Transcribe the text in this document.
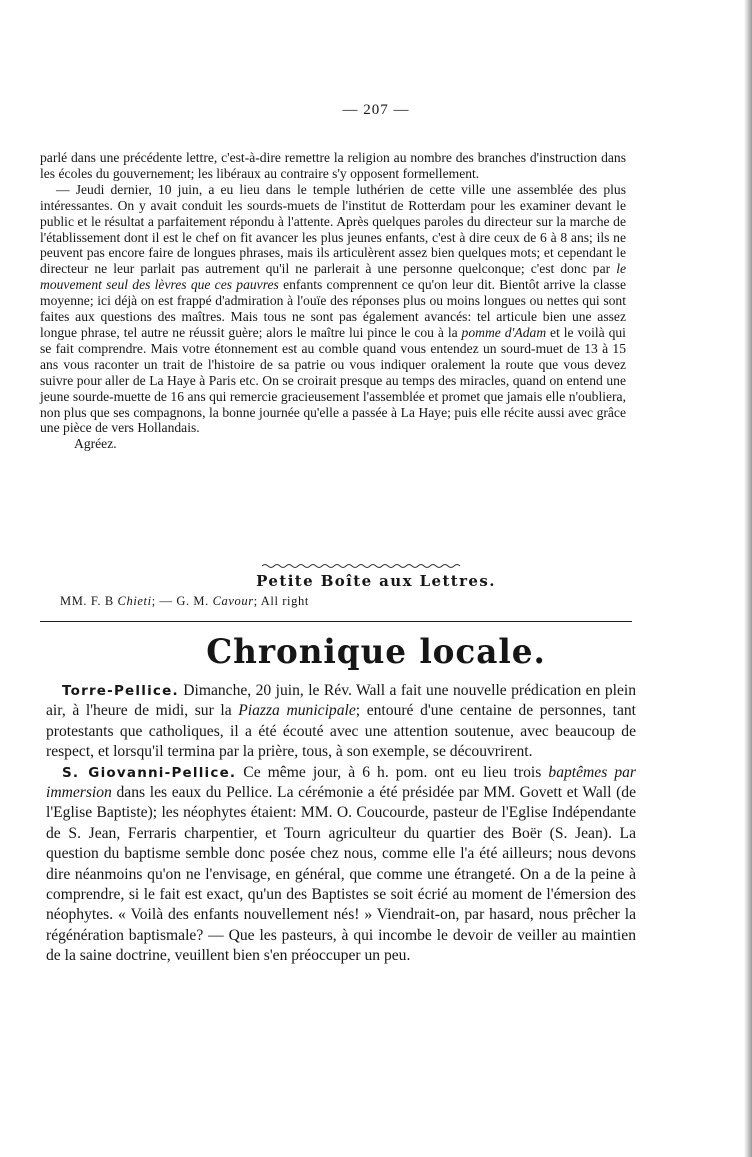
— 207 —

parlé dans une précédente lettre, c'est-à-dire remettre la religion au nombre des branches d'instruction dans les écoles du gouvernement; les libéraux au contraire s'y opposent formellement.

— Jeudi dernier, 10 juin, a eu lieu dans le temple luthérien de cette ville une assemblée des plus intéressantes. On y avait conduit les sourds-muets de l'institut de Rotterdam pour les examiner devant le public et le résultat a parfaitement répondu à l'attente. Après quelques paroles du directeur sur la marche de l'établissement dont il est le chef on fit avancer les plus jeunes enfants, c'est à dire ceux de 6 à 8 ans; ils ne peuvent pas encore faire de longues phrases, mais ils articulèrent assez bien quelques mots; et cependant le directeur ne leur parlait pas autrement qu'il ne parlerait à une personne quelconque; c'est donc par le mouvement seul des lèvres que ces pauvres enfants comprennent ce qu'on leur dit. Bientôt arrive la classe moyenne; ici déjà on est frappé d'admiration à l'ouïe des réponses plus ou moins longues ou nettes qui sont faites aux questions des maîtres. Mais tous ne sont pas également avancés: tel articule bien une assez longue phrase, tel autre ne réussit guère; alors le maître lui pince le cou à la pomme d'Adam et le voilà qui se fait comprendre. Mais votre étonnement est au comble quand vous entendez un sourd-muet de 13 à 15 ans vous raconter un trait de l'histoire de sa patrie ou vous indiquer oralement la route que vous devez suivre pour aller de La Haye à Paris etc. On se croirait presque au temps des miracles, quand on entend une jeune sourde-muette de 16 ans qui remercie gracieusement l'assemblée et promet que jamais elle n'oubliera, non plus que ses compagnons, la bonne journée qu'elle a passée à La Haye; puis elle récite aussi avec grâce une pièce de vers Hollandais.

Agréez.

Petite Boîte aux Lettres.
MM. F. B Chieti; — G. M. Cavour; All right
Chronique locale.

Torre-Pellice. Dimanche, 20 juin, le Rév. Wall a fait une nouvelle prédication en plein air, à l'heure de midi, sur la Piazza municipale; entouré d'une centaine de personnes, tant protestants que catholiques, il a été écouté avec une attention soutenue, avec beaucoup de respect, et lorsqu'il termina par la prière, tous, à son exemple, se découvrirent.

S. Giovanni-Pellice. Ce même jour, à 6 h. pom. ont eu lieu trois baptêmes par immersion dans les eaux du Pellice. La cérémonie a été présidée par MM. Govett et Wall (de l'Eglise Baptiste); les néophytes étaient: MM. O. Coucourde, pasteur de l'Eglise Indépendante de S. Jean, Ferraris charpentier, et Tourn agriculteur du quartier des Boër (S. Jean). La question du baptisme semble donc posée chez nous, comme elle l'a été ailleurs; nous devons dire néanmoins qu'on ne l'envisage, en général, que comme une étrangeté. On a de la peine à comprendre, si le fait est exact, qu'un des Baptistes se soit écrié au moment de l'émersion des néophytes. « Voilà des enfants nouvellement nés! » Viendrait-on, par hasard, nous prêcher la régénération baptismale? — Que les pasteurs, à qui incombe le devoir de veiller au maintien de la saine doctrine, veuillent bien s'en préoccuper un peu.
